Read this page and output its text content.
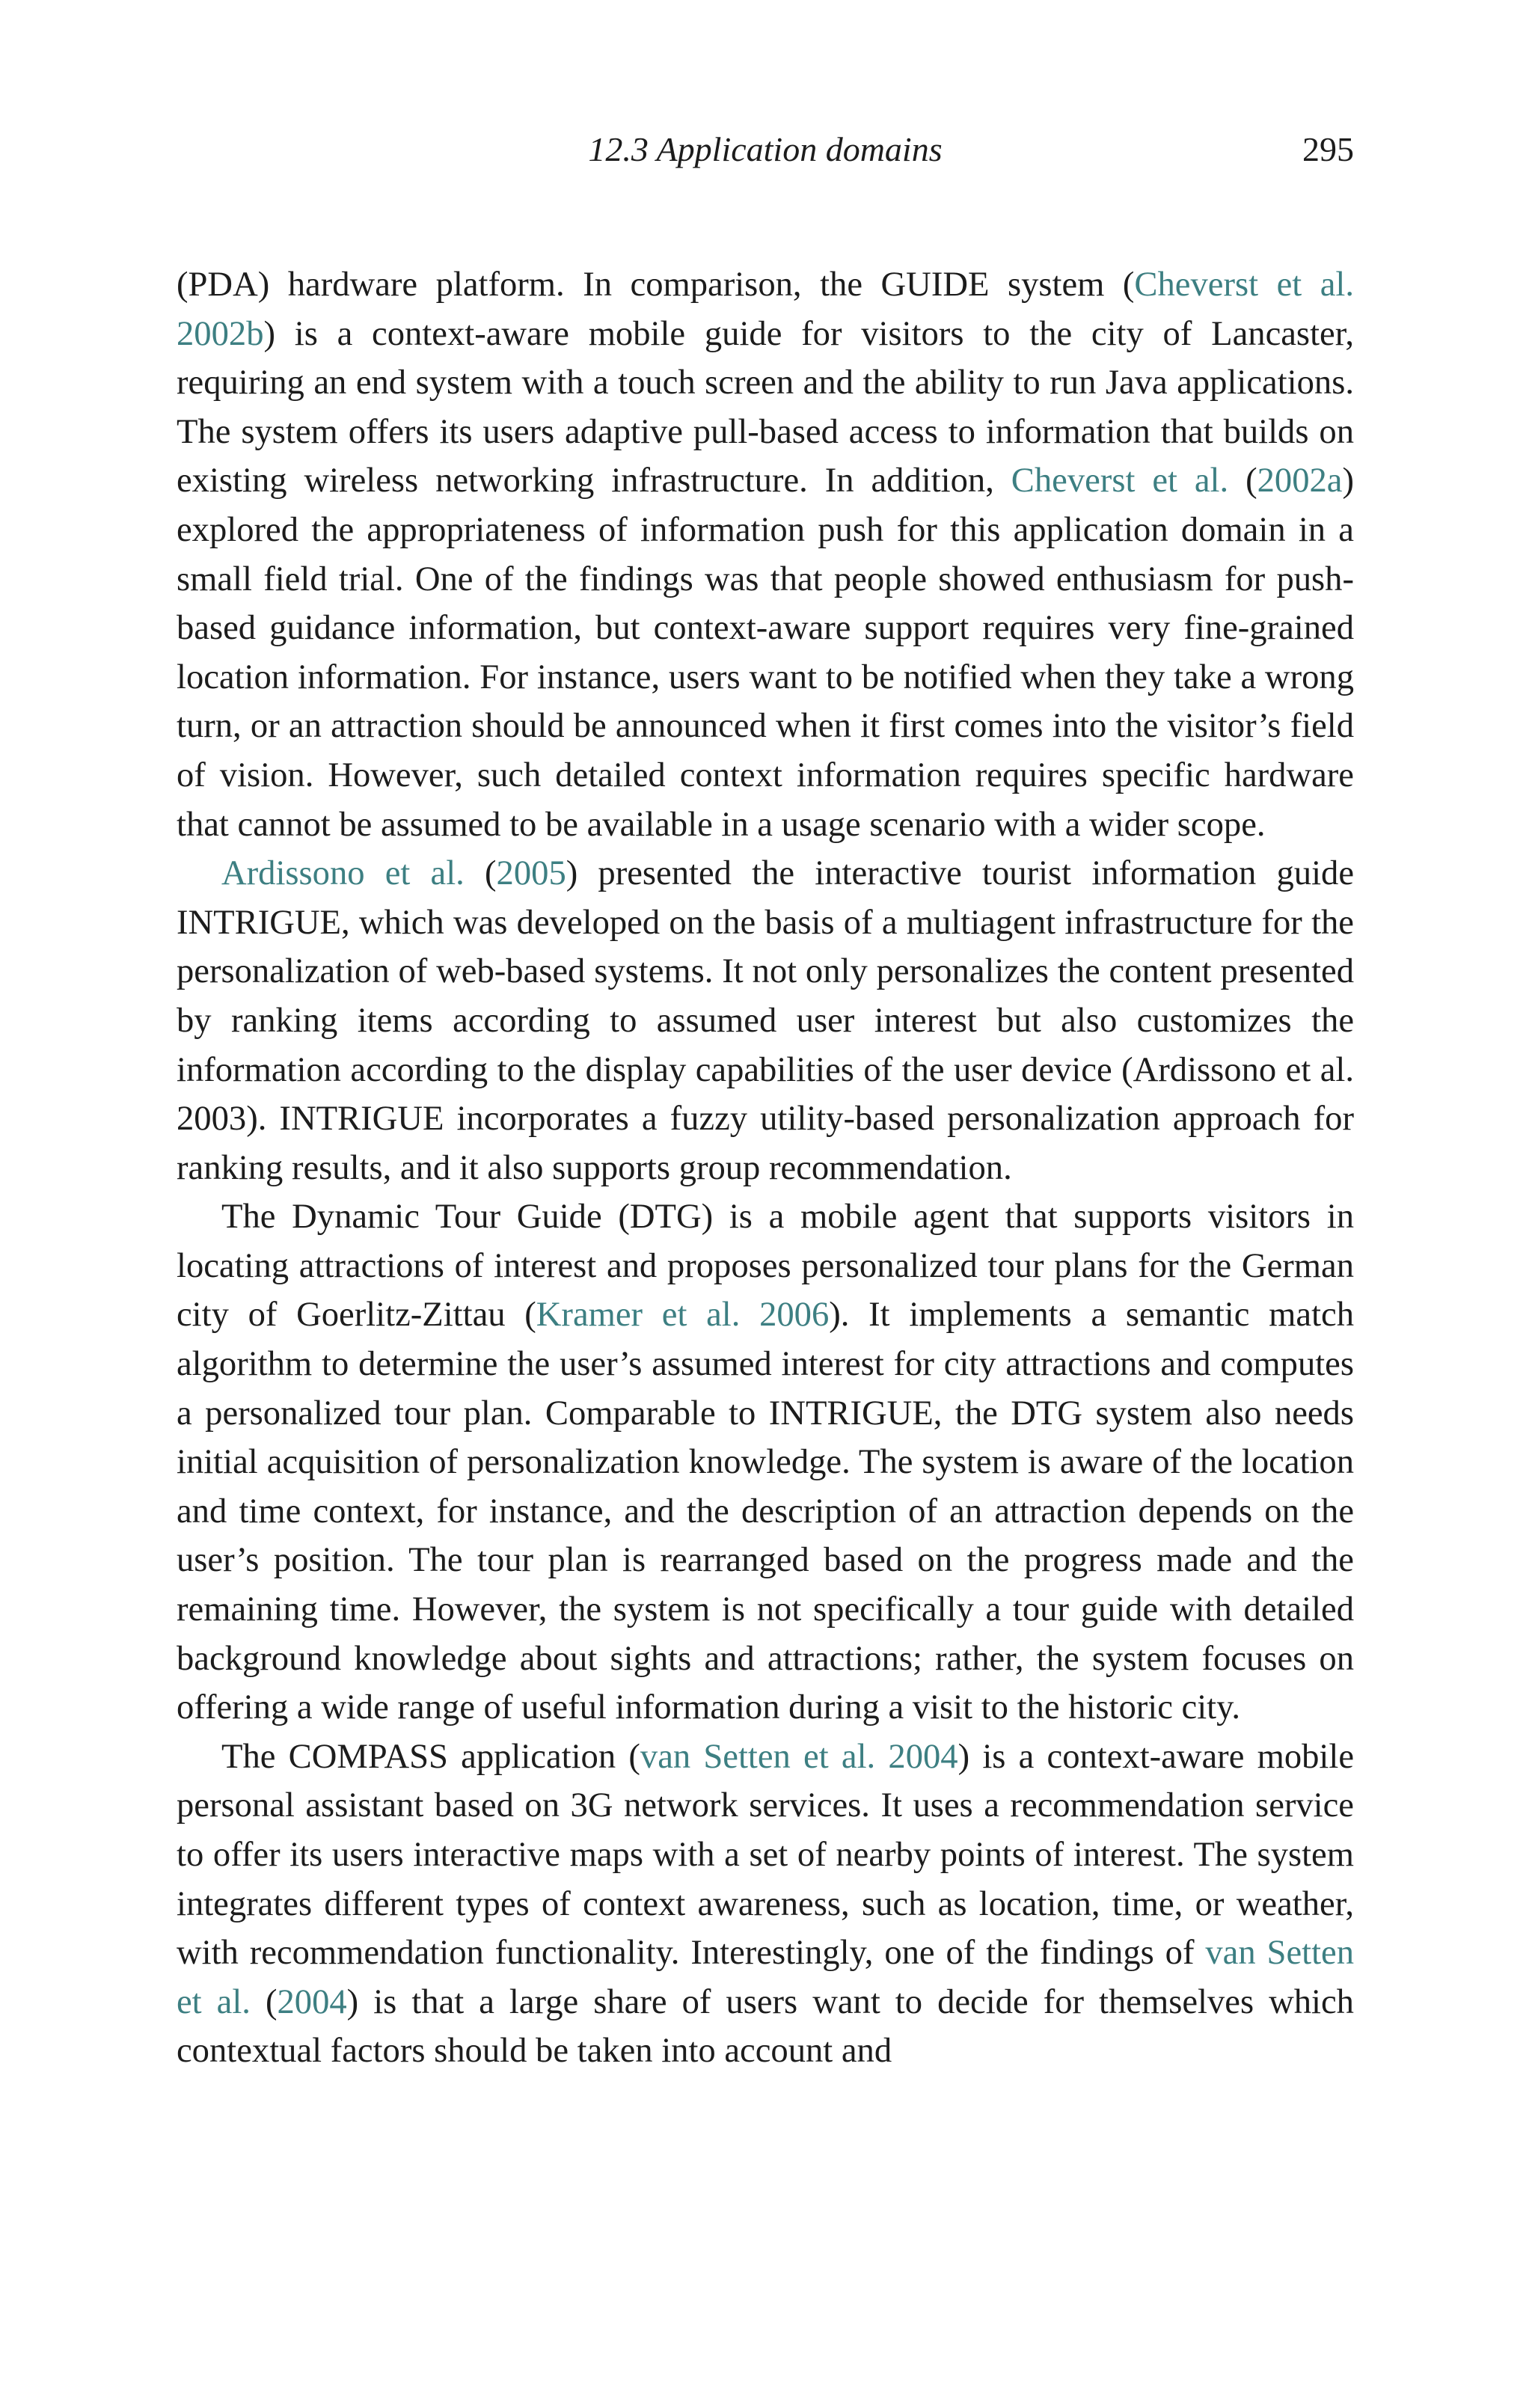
12.3 Application domains	295

(PDA) hardware platform. In comparison, the GUIDE system (Cheverst et al. 2002b) is a context-aware mobile guide for visitors to the city of Lancaster, requiring an end system with a touch screen and the ability to run Java applications. The system offers its users adaptive pull-based access to information that builds on existing wireless networking infrastructure. In addition, Cheverst et al. (2002a) explored the appropriateness of information push for this application domain in a small field trial. One of the findings was that people showed enthusiasm for push-based guidance information, but context-aware support requires very fine-grained location information. For instance, users want to be notified when they take a wrong turn, or an attraction should be announced when it first comes into the visitor’s field of vision. However, such detailed context information requires specific hardware that cannot be assumed to be available in a usage scenario with a wider scope.

Ardissono et al. (2005) presented the interactive tourist information guide INTRIGUE, which was developed on the basis of a multiagent infrastructure for the personalization of web-based systems. It not only personalizes the content presented by ranking items according to assumed user interest but also customizes the information according to the display capabilities of the user device (Ardissono et al. 2003). INTRIGUE incorporates a fuzzy utility-based personalization approach for ranking results, and it also supports group recommendation.

The Dynamic Tour Guide (DTG) is a mobile agent that supports visitors in locating attractions of interest and proposes personalized tour plans for the German city of Goerlitz-Zittau (Kramer et al. 2006). It implements a semantic match algorithm to determine the user’s assumed interest for city attractions and computes a personalized tour plan. Comparable to INTRIGUE, the DTG system also needs initial acquisition of personalization knowledge. The system is aware of the location and time context, for instance, and the description of an attraction depends on the user’s position. The tour plan is rearranged based on the progress made and the remaining time. However, the system is not specifically a tour guide with detailed background knowledge about sights and attractions; rather, the system focuses on offering a wide range of useful information during a visit to the historic city.

The COMPASS application (van Setten et al. 2004) is a context-aware mobile personal assistant based on 3G network services. It uses a recommendation service to offer its users interactive maps with a set of nearby points of interest. The system integrates different types of context awareness, such as location, time, or weather, with recommendation functionality. Interestingly, one of the findings of van Setten et al. (2004) is that a large share of users want to decide for themselves which contextual factors should be taken into account and
